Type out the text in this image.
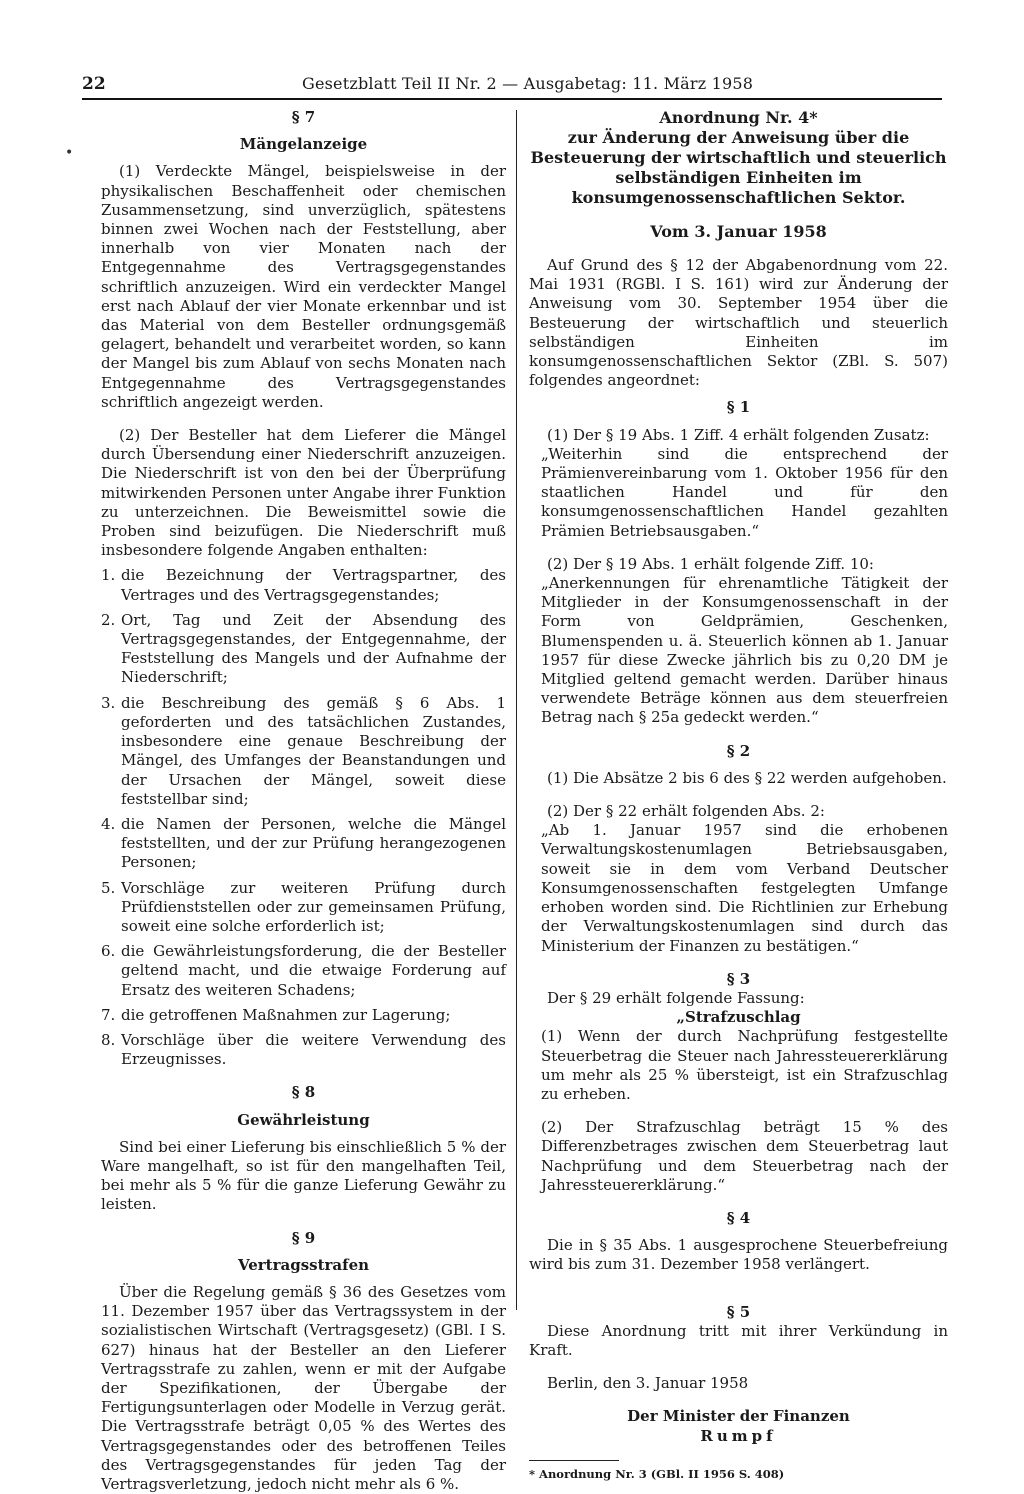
22	Gesetzblatt Teil II Nr. 2 — Ausgabetag: 11. März 1958

§ 7

Mängelanzeige

(1) Verdeckte Mängel, beispielsweise in der physikalischen Beschaffenheit oder chemischen Zusammensetzung, sind unverzüglich, spätestens binnen zwei Wochen nach der Feststellung, aber innerhalb von vier Monaten nach der Entgegennahme des Vertragsgegenstandes schriftlich anzuzeigen. Wird ein verdeckter Mangel erst nach Ablauf der vier Monate erkennbar und ist das Material von dem Besteller ordnungsgemäß gelagert, behandelt und verarbeitet worden, so kann der Mangel bis zum Ablauf von sechs Monaten nach Entgegennahme des Vertragsgegenstandes schriftlich angezeigt werden.

(2) Der Besteller hat dem Lieferer die Mängel durch Übersendung einer Niederschrift anzuzeigen. Die Niederschrift ist von den bei der Überprüfung mitwirkenden Personen unter Angabe ihrer Funktion zu unterzeichnen. Die Beweismittel sowie die Proben sind beizufügen. Die Niederschrift muß insbesondere folgende Angaben enthalten:

1. die Bezeichnung der Vertragspartner, des Vertrages und des Vertragsgegenstandes;
2. Ort, Tag und Zeit der Absendung des Vertragsgegenstandes, der Entgegennahme, der Feststellung des Mangels und der Aufnahme der Niederschrift;
3. die Beschreibung des gemäß § 6 Abs. 1 geforderten und des tatsächlichen Zustandes, insbesondere eine genaue Beschreibung der Mängel, des Umfanges der Beanstandungen und der Ursachen der Mängel, soweit diese feststellbar sind;
4. die Namen der Personen, welche die Mängel feststellten, und der zur Prüfung herangezogenen Personen;
5. Vorschläge zur weiteren Prüfung durch Prüfdienststellen oder zur gemeinsamen Prüfung, soweit eine solche erforderlich ist;
6. die Gewährleistungsforderung, die der Besteller geltend macht, und die etwaige Forderung auf Ersatz des weiteren Schadens;
7. die getroffenen Maßnahmen zur Lagerung;
8. Vorschläge über die weitere Verwendung des Erzeugnisses.

§ 8

Gewährleistung

Sind bei einer Lieferung bis einschließlich 5 % der Ware mangelhaft, so ist für den mangelhaften Teil, bei mehr als 5 % für die ganze Lieferung Gewähr zu leisten.

§ 9

Vertragsstrafen

Über die Regelung gemäß § 36 des Gesetzes vom 11. Dezember 1957 über das Vertragssystem in der sozialistischen Wirtschaft (Vertragsgesetz) (GBl. I S. 627) hinaus hat der Besteller an den Lieferer Vertragsstrafe zu zahlen, wenn er mit der Aufgabe der Spezifikationen, der Übergabe der Fertigungsunterlagen oder Modelle in Verzug gerät. Die Vertragsstrafe beträgt 0,05 % des Wertes des Vertragsgegenstandes oder des betroffenen Teiles des Vertragsgegenstandes für jeden Tag der Vertragsverletzung, jedoch nicht mehr als 6 %.

Anordnung Nr. 4*

zur Änderung der Anweisung über die Besteuerung der wirtschaftlich und steuerlich selbständigen Einheiten im konsumgenossenschaftlichen Sektor.

Vom 3. Januar 1958

Auf Grund des § 12 der Abgabenordnung vom 22. Mai 1931 (RGBl. I S. 161) wird zur Änderung der Anweisung vom 30. September 1954 über die Besteuerung der wirtschaftlich und steuerlich selbständigen Einheiten im konsumgenossenschaftlichen Sektor (ZBl. S. 507) folgendes angeordnet:

§ 1

(1) Der § 19 Abs. 1 Ziff. 4 erhält folgenden Zusatz:

„Weiterhin sind die entsprechend der Prämienvereinbarung vom 1. Oktober 1956 für den staatlichen Handel und für den konsumgenossenschaftlichen Handel gezahlten Prämien Betriebsausgaben.“

(2) Der § 19 Abs. 1 erhält folgende Ziff. 10:

„Anerkennungen für ehrenamtliche Tätigkeit der Mitglieder in der Konsumgenossenschaft in der Form von Geldprämien, Geschenken, Blumenspenden u. ä. Steuerlich können ab 1. Januar 1957 für diese Zwecke jährlich bis zu 0,20 DM je Mitglied geltend gemacht werden. Darüber hinaus verwendete Beträge können aus dem steuerfreien Betrag nach § 25a gedeckt werden.“

§ 2

(1) Die Absätze 2 bis 6 des § 22 werden aufgehoben.

(2) Der § 22 erhält folgenden Abs. 2:

„Ab 1. Januar 1957 sind die erhobenen Verwaltungskostenumlagen Betriebsausgaben, soweit sie in dem vom Verband Deutscher Konsumgenossenschaften festgelegten Umfange erhoben worden sind. Die Richtlinien zur Erhebung der Verwaltungskostenumlagen sind durch das Ministerium der Finanzen zu bestätigen.“

§ 3

Der § 29 erhält folgende Fassung:

„Strafzuschlag

(1) Wenn der durch Nachprüfung festgestellte Steuerbetrag die Steuer nach Jahressteuererklärung um mehr als 25 % übersteigt, ist ein Strafzuschlag zu erheben.

(2) Der Strafzuschlag beträgt 15 % des Differenzbetrages zwischen dem Steuerbetrag laut Nachprüfung und dem Steuerbetrag nach der Jahressteuererklärung.“

§ 4

Die in § 35 Abs. 1 ausgesprochene Steuerbefreiung wird bis zum 31. Dezember 1958 verlängert.

§ 5

Diese Anordnung tritt mit ihrer Verkündung in Kraft.

Berlin, den 3. Januar 1958

Der Minister der Finanzen

Rumpf

* Anordnung Nr. 3 (GBl. II 1956 S. 408)

•
